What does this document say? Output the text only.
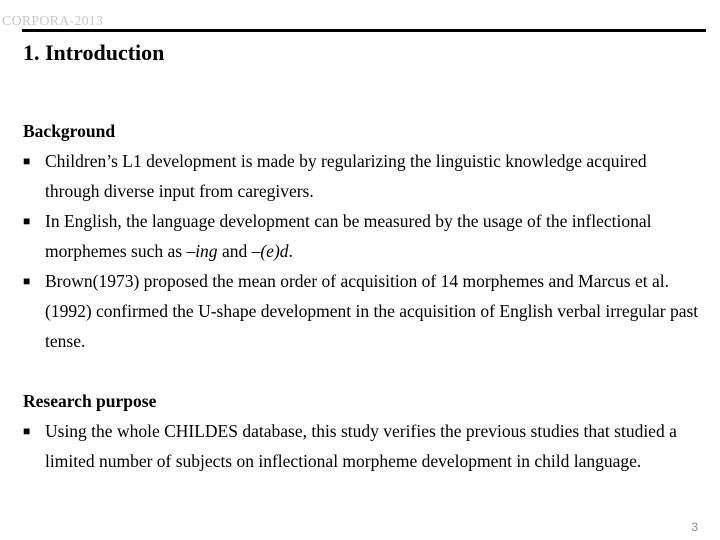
CORPORA-2013
1. Introduction

Background

■ Children’s L1 development is made by regularizing the linguistic knowledge acquired through diverse input from caregivers.
■ In English, the language development can be measured by the usage of the inflectional morphemes such as –ing and –(e)d.
■ Brown(1973) proposed the mean order of acquisition of 14 morphemes and Marcus et al.(1992) confirmed the U-shape development in the acquisition of English verbal irregular past tense.

Research purpose

■ Using the whole CHILDES database, this study verifies the previous studies that studied a limited number of subjects on inflectional morpheme development in child language.
3
